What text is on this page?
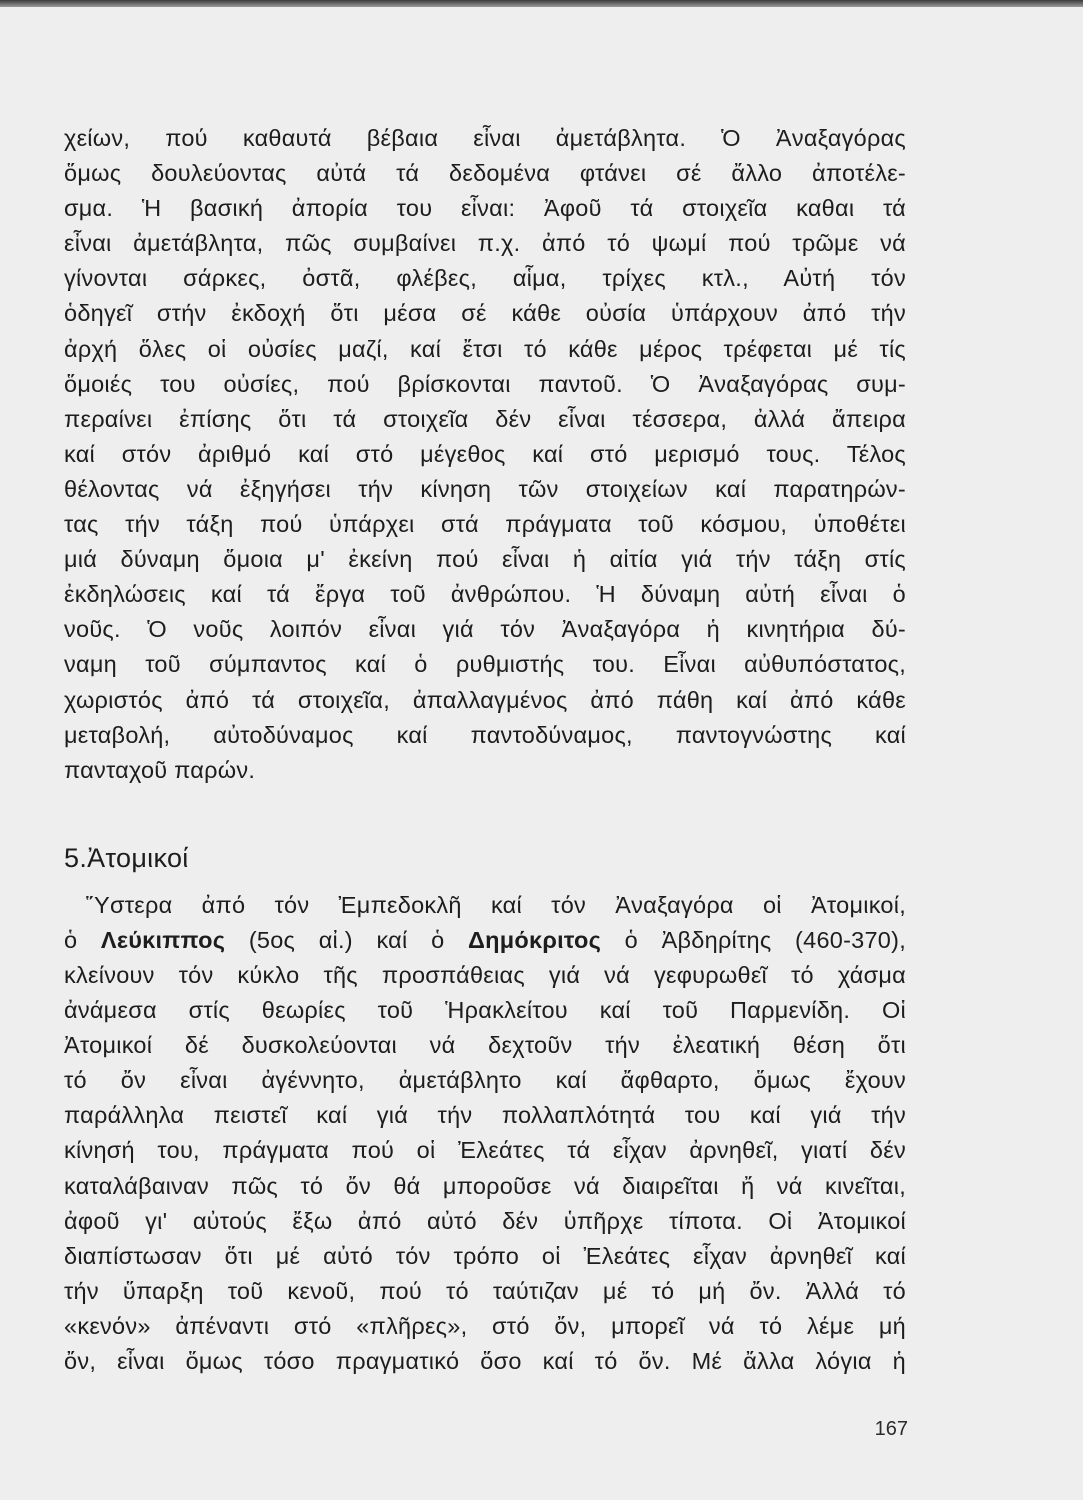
χείων, πού καθαυτά βέβαια εἶναι ἀμετάβλητα. Ὁ Ἀναξαγόρας
ὅμως δουλεύοντας αὐτά τά δεδομένα φτάνει σέ ἄλλο ἀποτέλε-
σμα. Ἡ βασική ἀπορία του εἶναι: Ἀφοῦ τά στοιχεῖα καθαι τά
εἶναι ἀμετάβλητα, πῶς συμβαίνει π.χ. ἀπό τό ψωμί πού τρῶμε νά
γίνονται σάρκες, ὀστᾶ, φλέβες, αἷμα, τρίχες κτλ., Αὐτή τόν
ὁδηγεῖ στήν ἐκδοχή ὅτι μέσα σέ κάθε οὐσία ὑπάρχουν ἀπό τήν
ἀρχή ὅλες οἱ οὐσίες μαζί, καί ἔτσι τό κάθε μέρος τρέφεται μέ τίς
ὅμοιές του οὐσίες, πού βρίσκονται παντοῦ. Ὁ Ἀναξαγόρας συμ-
περαίνει ἐπίσης ὅτι τά στοιχεῖα δέν εἶναι τέσσερα, ἀλλά ἄπειρα
καί στόν ἀριθμό καί στό μέγεθος καί στό μερισμό τους. Τέλος
θέλοντας νά ἐξηγήσει τήν κίνηση τῶν στοιχείων καί παρατηρών-
τας τήν τάξη πού ὑπάρχει στά πράγματα τοῦ κόσμου, ὑποθέτει
μιά δύναμη ὅμοια μ' ἐκείνη πού εἶναι ἡ αἰτία γιά τήν τάξη στίς
ἐκδηλώσεις καί τά ἔργα τοῦ ἀνθρώπου. Ἡ δύναμη αὐτή εἶναι ὁ
νοῦς. Ὁ νοῦς λοιπόν εἶναι γιά τόν Ἀναξαγόρα ἡ κινητήρια δύ-
ναμη τοῦ σύμπαντος καί ὁ ρυθμιστής του. Εἶναι αὐθυπόστατος,
χωριστός ἀπό τά στοιχεῖα, ἀπαλλαγμένος ἀπό πάθη καί ἀπό κάθε
μεταβολή, αὐτοδύναμος καί παντοδύναμος, παντογνώστης καί
πανταχοῦ παρών.
5.Ἀτομικοί
Ὕστερα ἀπό τόν Ἐμπεδοκλῆ καί τόν Ἀναξαγόρα οἱ Ἀτομικοί,
ὁ Λεύκιππος (5ος αἰ.) καί ὁ Δημόκριτος ὁ Ἀβδηρίτης (460-370),
κλείνουν τόν κύκλο τῆς προσπάθειας γιά νά γεφυρωθεῖ τό χάσμα
ἀνάμεσα στίς θεωρίες τοῦ Ἡρακλείτου καί τοῦ Παρμενίδη. Οἱ
Ἀτομικοί δέ δυσκολεύονται νά δεχτοῦν τήν ἐλεατική θέση ὅτι
τό ὄν εἶναι ἀγέννητο, ἀμετάβλητο καί ἄφθαρτο, ὅμως ἔχουν
παράλληλα πειστεῖ καί γιά τήν πολλαπλότητά του καί γιά τήν
κίνησή του, πράγματα πού οἱ Ἐλεάτες τά εἶχαν ἀρνηθεῖ, γιατί δέν
καταλάβαιναν πῶς τό ὄν θά μποροῦσε νά διαιρεῖται ἤ νά κινεῖται,
ἀφοῦ γι' αὐτούς ἔξω ἀπό αὐτό δέν ὑπῆρχε τίποτα. Οἱ Ἀτομικοί
διαπίστωσαν ὅτι μέ αὐτό τόν τρόπο οἱ Ἐλεάτες εἶχαν ἀρνηθεῖ καί
τήν ὕπαρξη τοῦ κενοῦ, πού τό ταύτιζαν μέ τό μή ὄν. Ἀλλά τό
«κενόν» ἀπέναντι στό «πλῆρες», στό ὄν, μπορεῖ νά τό λέμε μή
ὄν, εἶναι ὅμως τόσο πραγματικό ὅσο καί τό ὄν. Μέ ἄλλα λόγια ἡ
167
